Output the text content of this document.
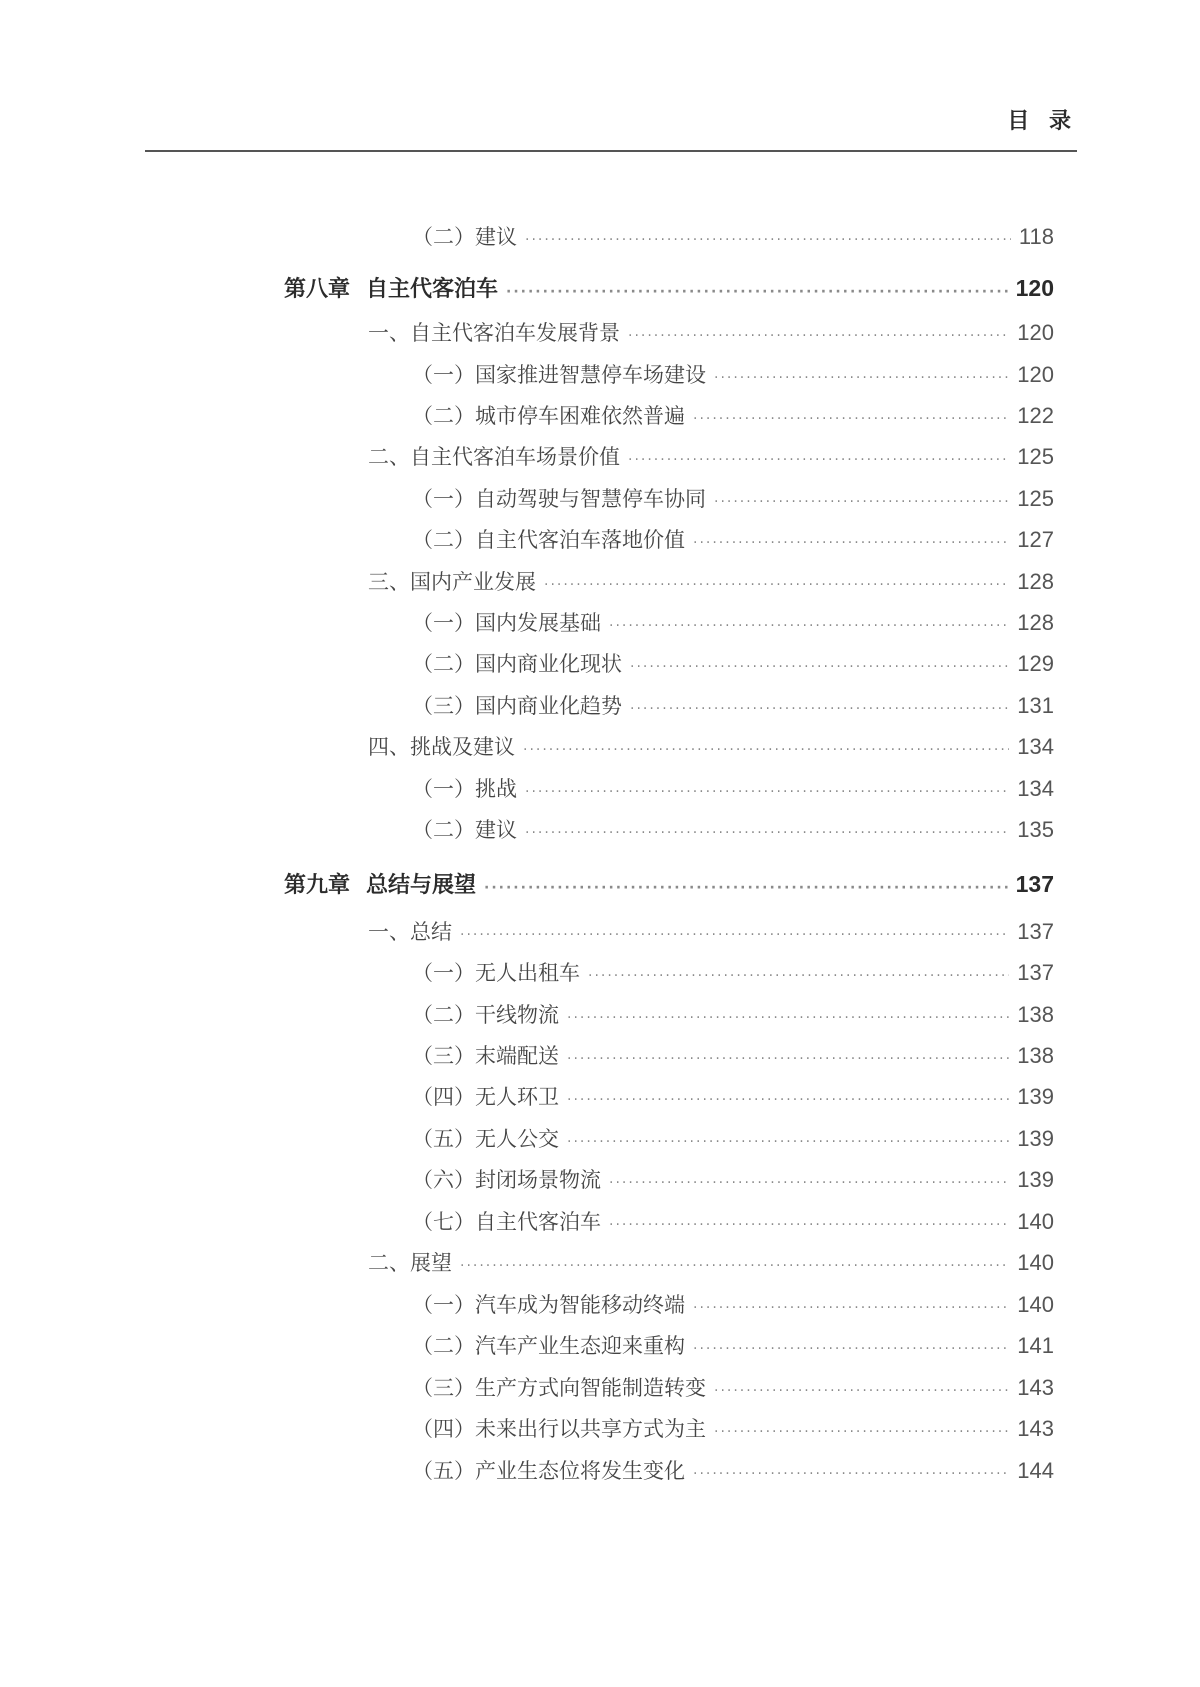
目 录
（二）建议 ·····	118
第八章 自主代客泊车 ·····	120
一、自主代客泊车发展背景 ·····	120
（一）国家推进智慧停车场建设 ·····	120
（二）城市停车困难依然普遍 ·····	122
二、自主代客泊车场景价值 ·····	125
（一）自动驾驶与智慧停车协同 ·····	125
（二）自主代客泊车落地价值 ·····	127
三、国内产业发展 ·····	128
（一）国内发展基础 ·····	128
（二）国内商业化现状 ·····	129
（三）国内商业化趋势 ·····	131
四、挑战及建议 ·····	134
（一）挑战 ·····	134
（二）建议 ·····	135
第九章 总结与展望 ·····	137
一、总结 ·····	137
（一）无人出租车 ·····	137
（二）干线物流 ·····	138
（三）末端配送 ·····	138
（四）无人环卫 ·····	139
（五）无人公交 ·····	139
（六）封闭场景物流 ·····	139
（七）自主代客泊车 ·····	140
二、展望 ·····	140
（一）汽车成为智能移动终端 ·····	140
（二）汽车产业生态迎来重构 ·····	141
（三）生产方式向智能制造转变 ·····	143
（四）未来出行以共享方式为主 ·····	143
（五）产业生态位将发生变化 ·····	144
